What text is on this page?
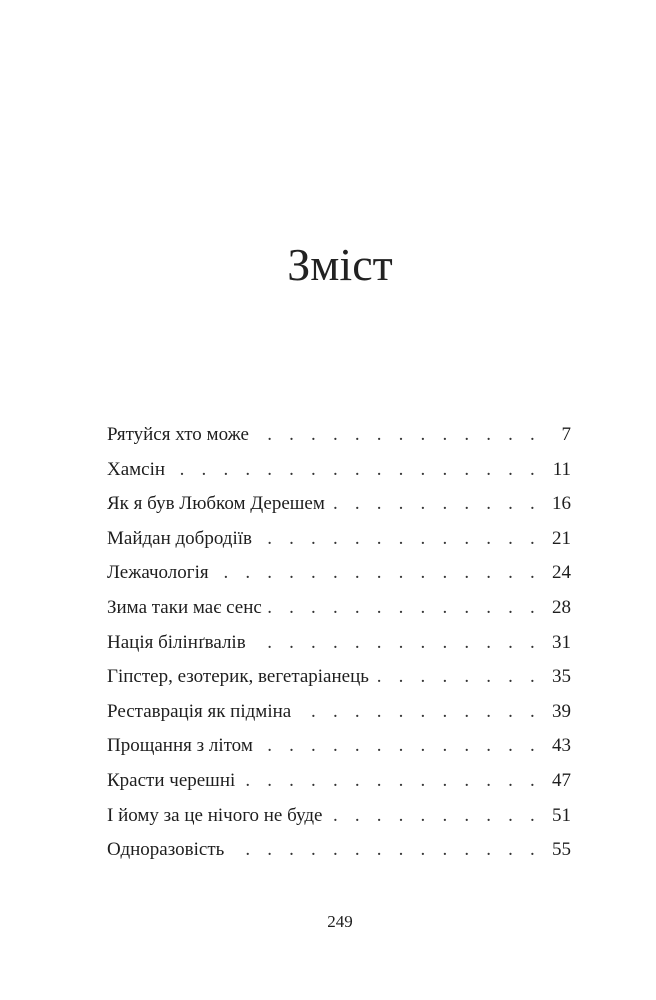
Зміст
Рятуйся хто може . . .	7
Хамсін . . .	11
Як я був Любком Дерешем . . .	16
Майдан добродіїв . . .	21
Лежачологія . . .	24
Зима таки має сенс . . .	28
Нація білінґвалів . . .	31
Гіпстер, езотерик, вегетаріанець . . .	35
Реставрація як підміна . . .	39
Прощання з літом . . .	43
Красти черешні . . .	47
І йому за це нічого не буде . . .	51
Одноразовість . . .	55
249
